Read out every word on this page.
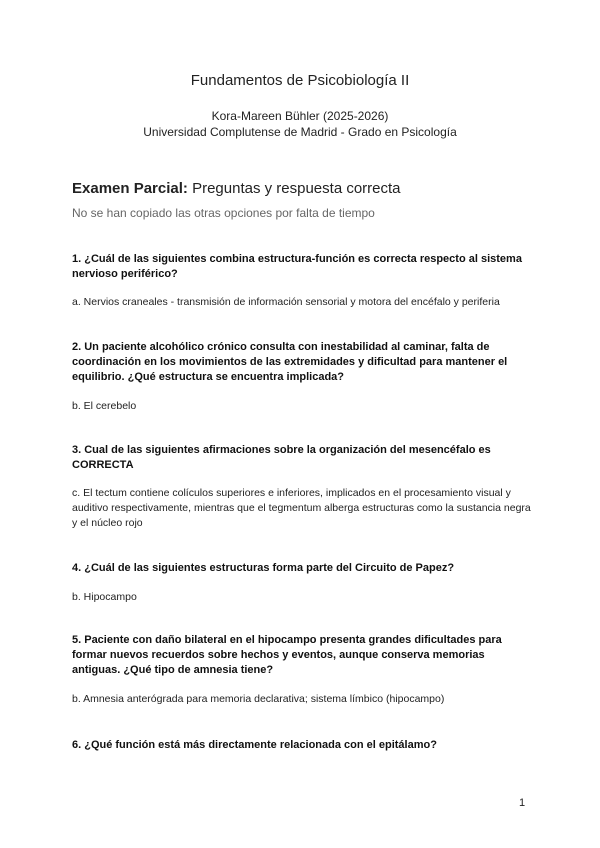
Fundamentos de Psicobiología II
Kora-Mareen Bühler (2025-2026)
Universidad Complutense de Madrid - Grado en Psicología
Examen Parcial: Preguntas y respuesta correcta
No se han copiado las otras opciones por falta de tiempo
1. ¿Cuál de las siguientes combina estructura-función es correcta respecto al sistema nervioso periférico?
a. Nervios craneales - transmisión de información sensorial y motora del encéfalo y periferia
2. Un paciente alcohólico crónico consulta con inestabilidad al caminar, falta de coordinación en los movimientos de las extremidades y dificultad para mantener el equilibrio. ¿Qué estructura se encuentra implicada?
b. El cerebelo
3. Cual de las siguientes afirmaciones sobre la organización del mesencéfalo es CORRECTA
c. El tectum contiene colículos superiores e inferiores, implicados en el procesamiento visual y auditivo respectivamente, mientras que el tegmentum alberga estructuras como la sustancia negra y el núcleo rojo
4. ¿Cuál de las siguientes estructuras forma parte del Circuito de Papez?
b. Hipocampo
5. Paciente con daño bilateral en el hipocampo presenta grandes dificultades para formar nuevos recuerdos sobre hechos y eventos, aunque conserva memorias antiguas. ¿Qué tipo de amnesia tiene?
b. Amnesia anterógrada para memoria declarativa; sistema límbico (hipocampo)
6. ¿Qué función está más directamente relacionada con el epitálamo?
1
